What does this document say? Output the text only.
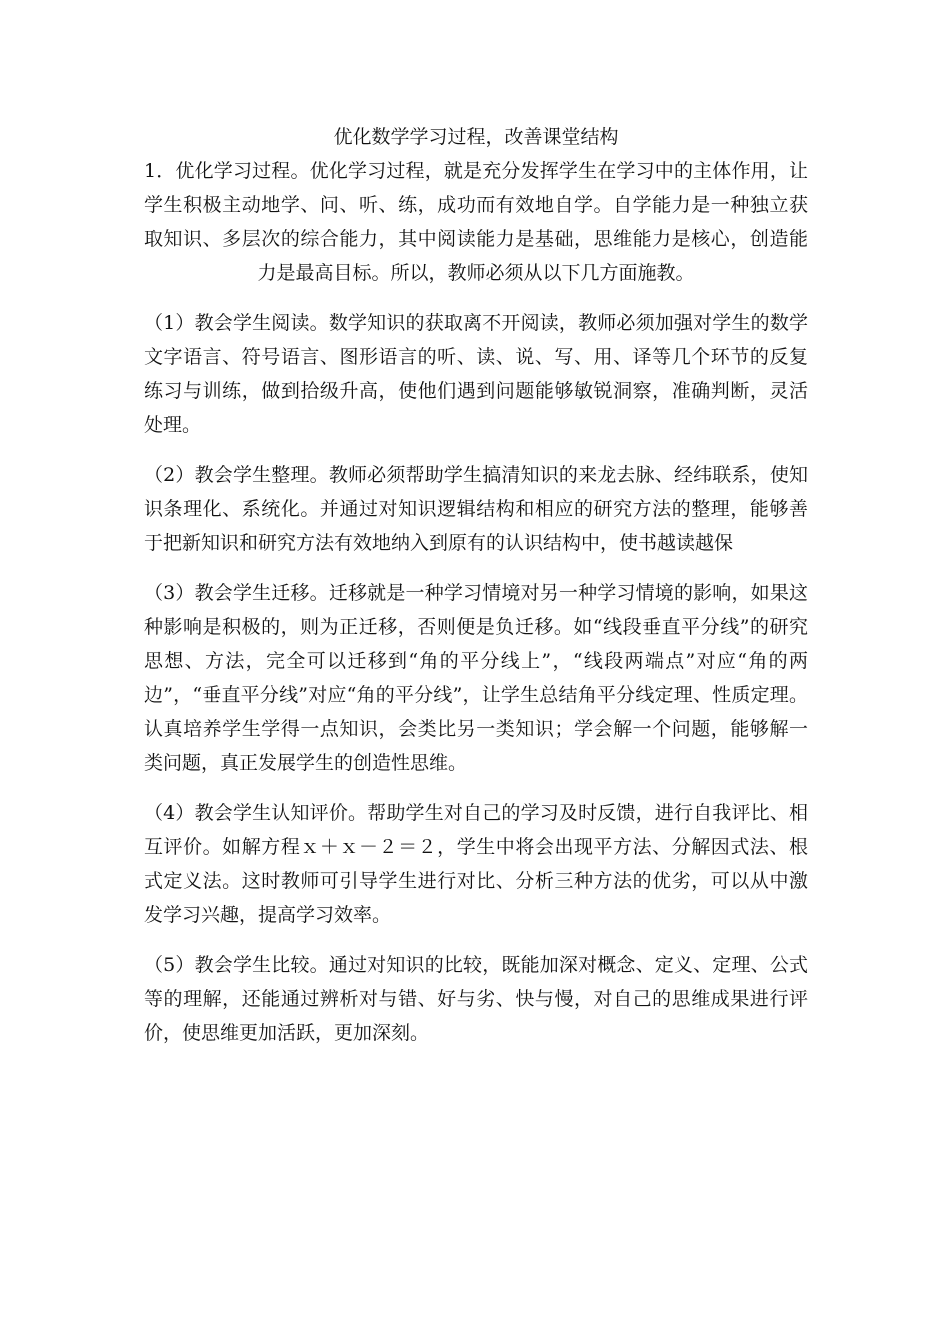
优化数学学习过程，改善课堂结构

1．优化学习过程。优化学习过程，就是充分发挥学生在学习中的主体作用，让学生积极主动地学、问、听、练，成功而有效地自学。自学能力是一种独立获取知识、多层次的综合能力，其中阅读能力是基础，思维能力是核心，创造能力是最高目标。所以，教师必须从以下几方面施教。

（1）教会学生阅读。数学知识的获取离不开阅读，教师必须加强对学生的数学文字语言、符号语言、图形语言的听、读、说、写、用、译等几个环节的反复练习与训练，做到拾级升高，使他们遇到问题能够敏锐洞察，准确判断，灵活处理。

（2）教会学生整理。教师必须帮助学生搞清知识的来龙去脉、经纬联系，使知识条理化、系统化。并通过对知识逻辑结构和相应的研究方法的整理，能够善于把新知识和研究方法有效地纳入到原有的认识结构中，使书越读越保

（3）教会学生迁移。迁移就是一种学习情境对另一种学习情境的影响，如果这种影响是积极的，则为正迁移，否则便是负迁移。如“线段垂直平分线”的研究思想、方法，完全可以迁移到“角的平分线上”，“线段两端点”对应“角的两边”，“垂直平分线”对应“角的平分线”，让学生总结角平分线定理、性质定理。认真培养学生学得一点知识，会类比另一类知识；学会解一个问题，能够解一类问题，真正发展学生的创造性思维。

（4）教会学生认知评价。帮助学生对自己的学习及时反馈，进行自我评比、相互评价。如解方程ｘ＋ｘ－２＝２，学生中将会出现平方法、分解因式法、根式定义法。这时教师可引导学生进行对比、分析三种方法的优劣，可以从中激发学习兴趣，提高学习效率。

（5）教会学生比较。通过对知识的比较，既能加深对概念、定义、定理、公式等的理解，还能通过辨析对与错、好与劣、快与慢，对自己的思维成果进行评价，使思维更加活跃，更加深刻。
